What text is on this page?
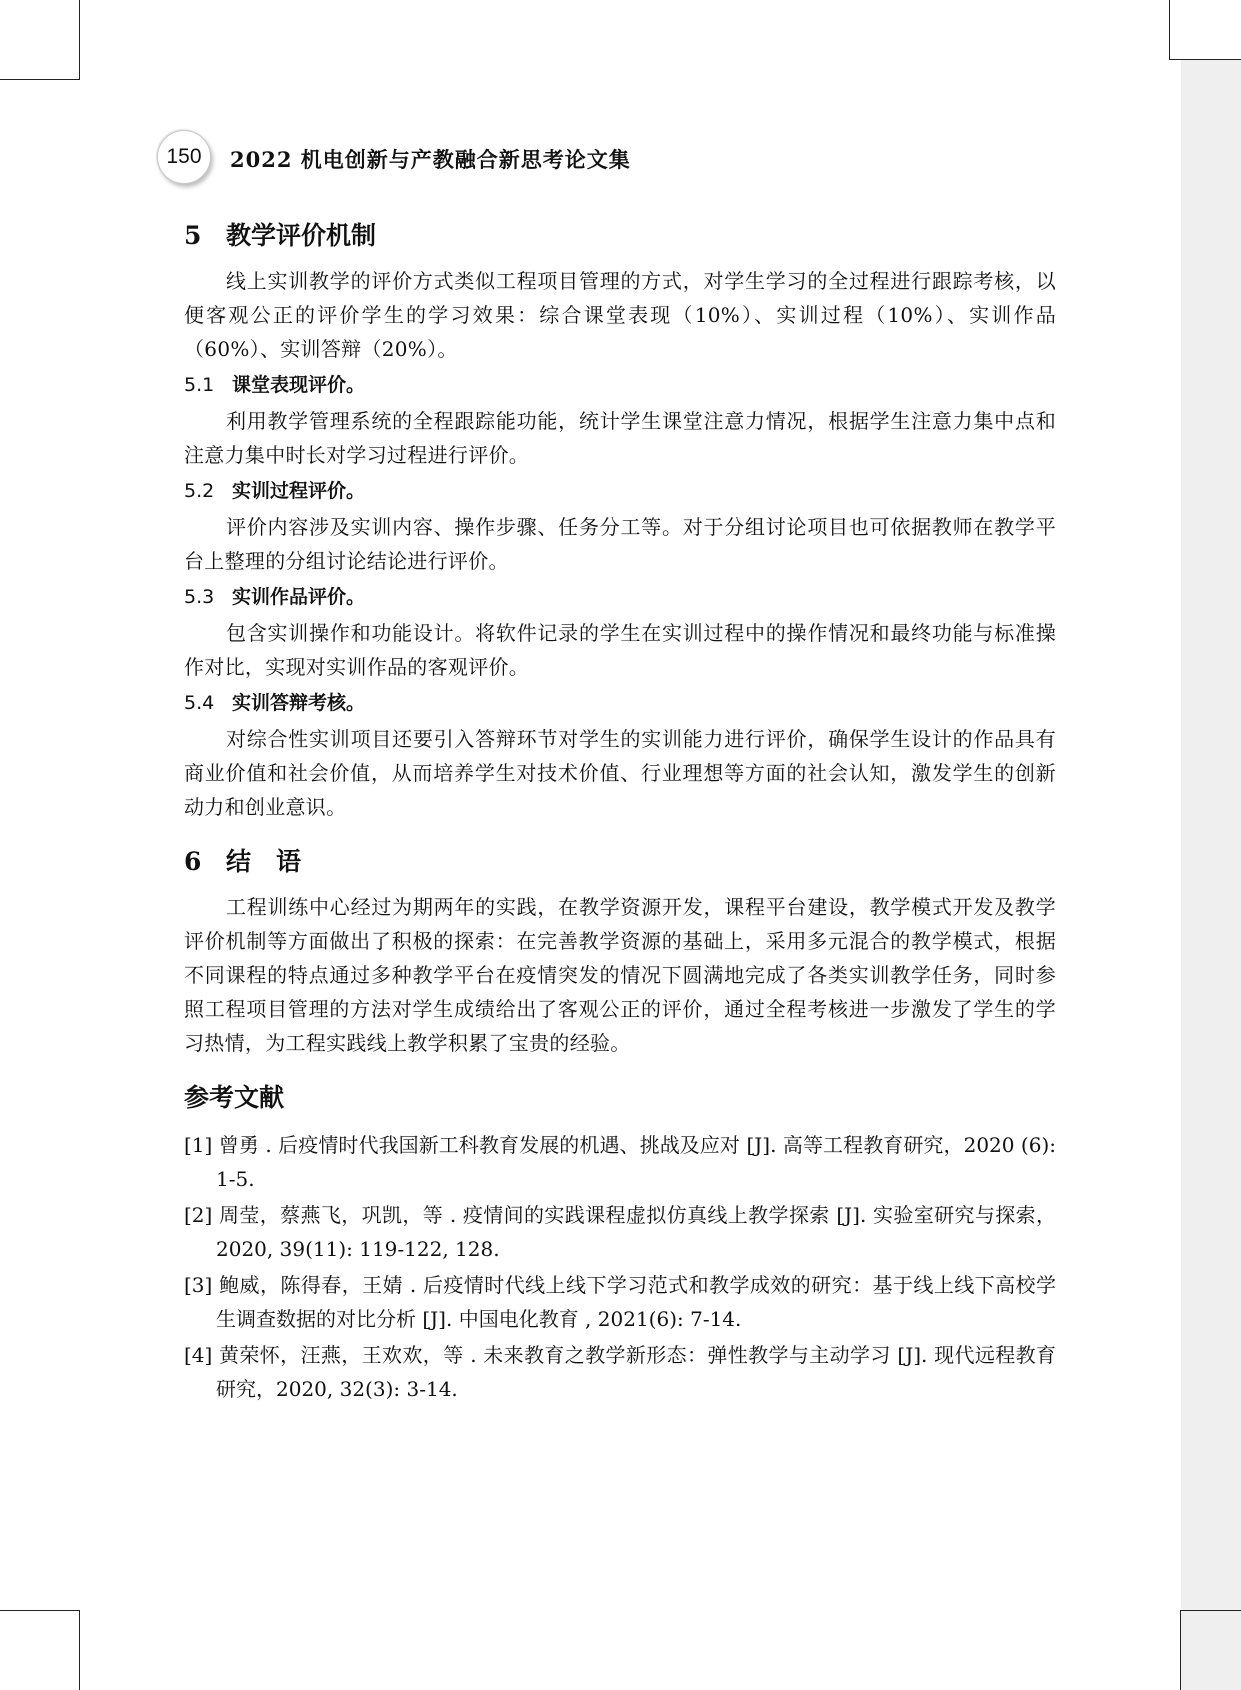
150	2022 机电创新与产教融合新思考论文集
5 教学评价机制

线上实训教学的评价方式类似工程项目管理的方式，对学生学习的全过程进行跟踪考核，以便客观公正的评价学生的学习效果：综合课堂表现（10%）、实训过程（10%）、实训作品（60%）、实训答辩（20%）。

5.1 课堂表现评价。

利用教学管理系统的全程跟踪能功能，统计学生课堂注意力情况，根据学生注意力集中点和注意力集中时长对学习过程进行评价。

5.2 实训过程评价。

评价内容涉及实训内容、操作步骤、任务分工等。对于分组讨论项目也可依据教师在教学平台上整理的分组讨论结论进行评价。

5.3 实训作品评价。

包含实训操作和功能设计。将软件记录的学生在实训过程中的操作情况和最终功能与标准操作对比，实现对实训作品的客观评价。

5.4 实训答辩考核。

对综合性实训项目还要引入答辩环节对学生的实训能力进行评价，确保学生设计的作品具有商业价值和社会价值，从而培养学生对技术价值、行业理想等方面的社会认知，激发学生的创新动力和创业意识。

6 结　语

工程训练中心经过为期两年的实践，在教学资源开发，课程平台建设，教学模式开发及教学评价机制等方面做出了积极的探索：在完善教学资源的基础上，采用多元混合的教学模式，根据不同课程的特点通过多种教学平台在疫情突发的情况下圆满地完成了各类实训教学任务，同时参照工程项目管理的方法对学生成绩给出了客观公正的评价，通过全程考核进一步激发了学生的学习热情，为工程实践线上教学积累了宝贵的经验。

参考文献
[1] 曾勇 . 后疫情时代我国新工科教育发展的机遇、挑战及应对 [J]. 高等工程教育研究，2020 (6): 1-5.
[2] 周莹，蔡燕飞，巩凯，等 . 疫情间的实践课程虚拟仿真线上教学探索 [J]. 实验室研究与探索，2020, 39(11): 119-122, 128.
[3] 鲍威，陈得春，王婧 . 后疫情时代线上线下学习范式和教学成效的研究：基于线上线下高校学生调查数据的对比分析 [J]. 中国电化教育 , 2021(6): 7-14.
[4] 黄荣怀，汪燕，王欢欢，等 . 未来教育之教学新形态：弹性教学与主动学习 [J]. 现代远程教育研究，2020, 32(3): 3-14.
